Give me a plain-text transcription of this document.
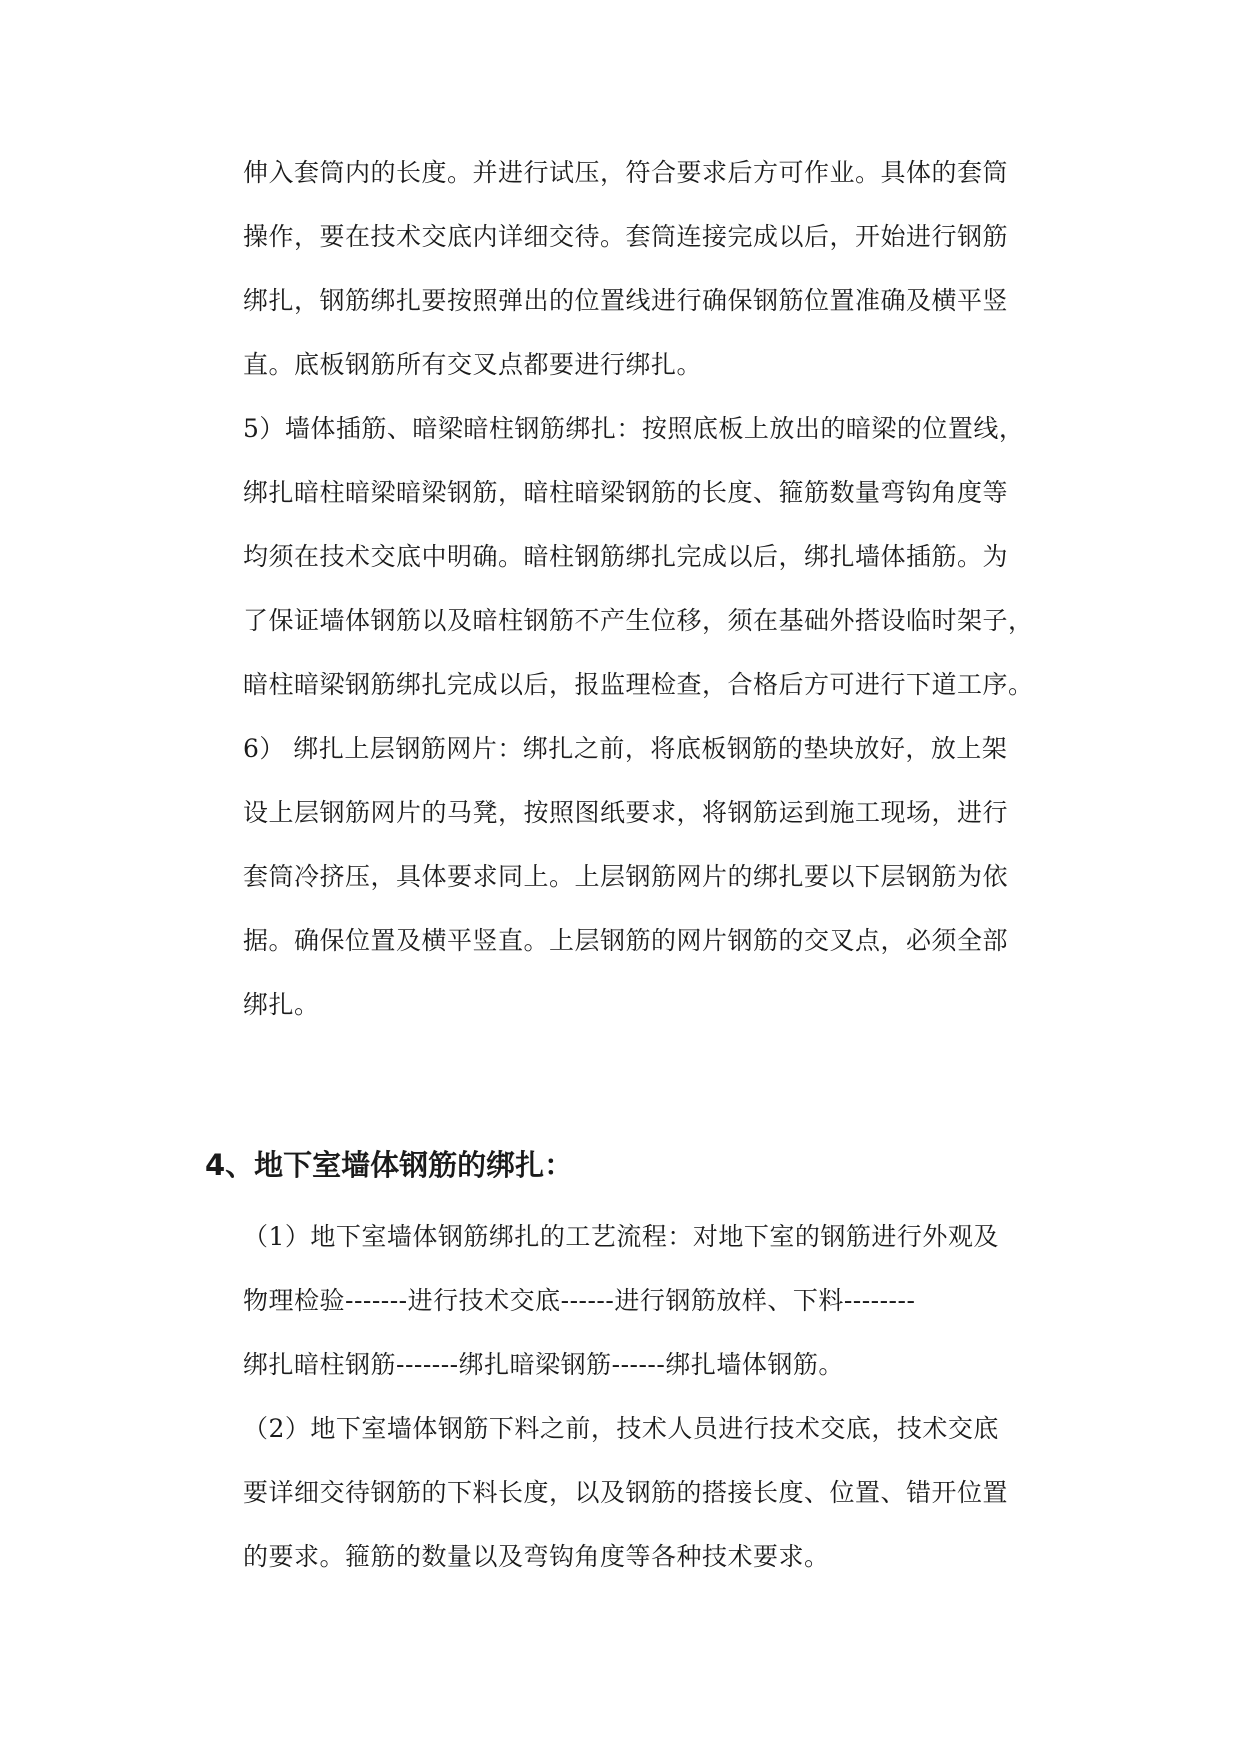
伸入套筒内的长度。并进行试压，符合要求后方可作业。具体的套筒
操作，要在技术交底内详细交待。套筒连接完成以后，开始进行钢筋
绑扎，钢筋绑扎要按照弹出的位置线进行确保钢筋位置准确及横平竖
直。底板钢筋所有交叉点都要进行绑扎。
5）墙体插筋、暗梁暗柱钢筋绑扎：按照底板上放出的暗梁的位置线，
绑扎暗柱暗梁暗梁钢筋，暗柱暗梁钢筋的长度、箍筋数量弯钩角度等
均须在技术交底中明确。暗柱钢筋绑扎完成以后，绑扎墙体插筋。为
了保证墙体钢筋以及暗柱钢筋不产生位移，须在基础外搭设临时架子，
暗柱暗梁钢筋绑扎完成以后，报监理检查，合格后方可进行下道工序。
6） 绑扎上层钢筋网片：绑扎之前，将底板钢筋的垫块放好，放上架
设上层钢筋网片的马凳，按照图纸要求，将钢筋运到施工现场，进行
套筒冷挤压，具体要求同上。上层钢筋网片的绑扎要以下层钢筋为依
据。确保位置及横平竖直。上层钢筋的网片钢筋的交叉点，必须全部
绑扎。
4、地下室墙体钢筋的绑扎：
（1）地下室墙体钢筋绑扎的工艺流程：对地下室的钢筋进行外观及
物理检验-------进行技术交底------进行钢筋放样、下料--------
绑扎暗柱钢筋-------绑扎暗梁钢筋------绑扎墙体钢筋。
（2）地下室墙体钢筋下料之前，技术人员进行技术交底，技术交底
要详细交待钢筋的下料长度，以及钢筋的搭接长度、位置、错开位置
的要求。箍筋的数量以及弯钩角度等各种技术要求。
